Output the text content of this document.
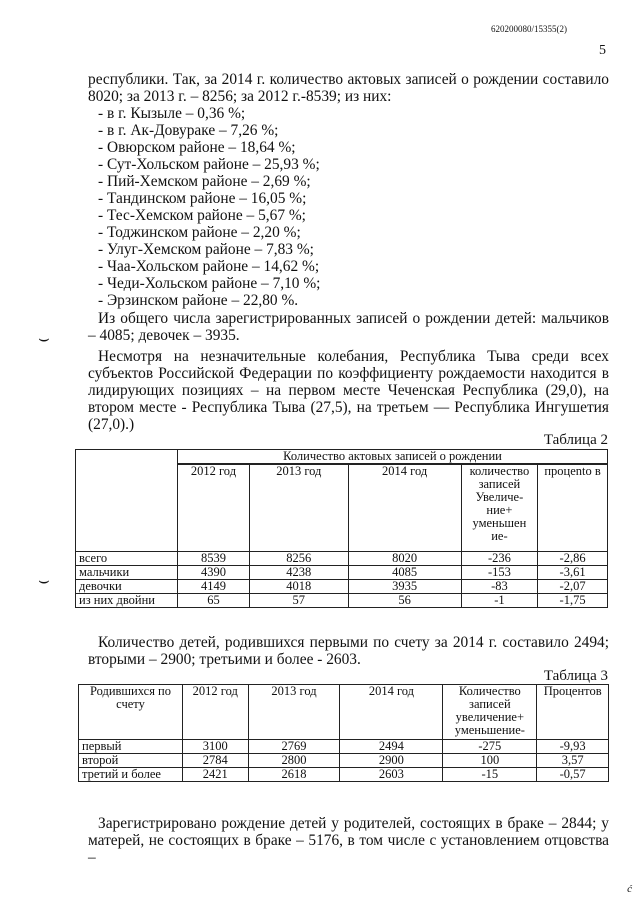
620200080/15355(2)
5
республики. Так, за 2014 г. количество актовых записей о рождении составило 8020; за 2013 г. – 8256; за 2012 г.-8539; из них:
- в г. Кызыле – 0,36 %;
- в г. Ак-Довураке – 7,26 %;
- Овюрском районе – 18,64 %;
- Сут-Хольском районе – 25,93 %;
- Пий-Хемском районе – 2,69 %;
- Тандинском районе – 16,05 %;
- Тес-Хемском районе – 5,67 %;
- Тоджинском районе – 2,20 %;
- Улуг-Хемском районе – 7,83 %;
- Чаа-Хольском районе – 14,62 %;
- Чеди-Хольском районе – 7,10 %;
- Эрзинском районе – 22,80 %.
⌣
Из общего числа зарегистрированных записей о рождении детей: мальчиков – 4085; девочек – 3935.
Несмотря на незначительные колебания, Республика Тыва среди всех субъектов Российской Федерации по коэффициенту рождаемости находится в лидирующих позициях – на первом месте Чеченская Республика (29,0), на втором месте - Республика Тыва (27,5), на третьем — Республика Ингушетия (27,0).)
Таблица 2
	Количество актовых записей о рождении				
	2012 год	2013 год	2014 год	количество записей Увеличе-ние+ уменьшен ие-	процento в
всего	8539	8256	8020	-236	-2,86
мальчики	4390	4238	4085	-153	-3,61
девочки	4149	4018	3935	-83	-2,07
из них двойни	65	57	56	-1	-1,75
⌣
Количество детей, родившихся первыми по счету за 2014 г. составило 2494; вторыми – 2900; третьими и более - 2603.
Таблица 3
Родившихся по счету	2012 год	2013 год	2014 год	Количество записей увеличение+ уменьшение-	Процентов
первый	3100	2769	2494	-275	-9,93
второй	2784	2800	2900	100	3,57
третий и более	2421	2618	2603	-15	-0,57
Зарегистрировано рождение детей у родителей, состоящих в браке – 2844; у матерей, не состоящих в браке – 5176, в том числе с установлением отцовства –
ć
